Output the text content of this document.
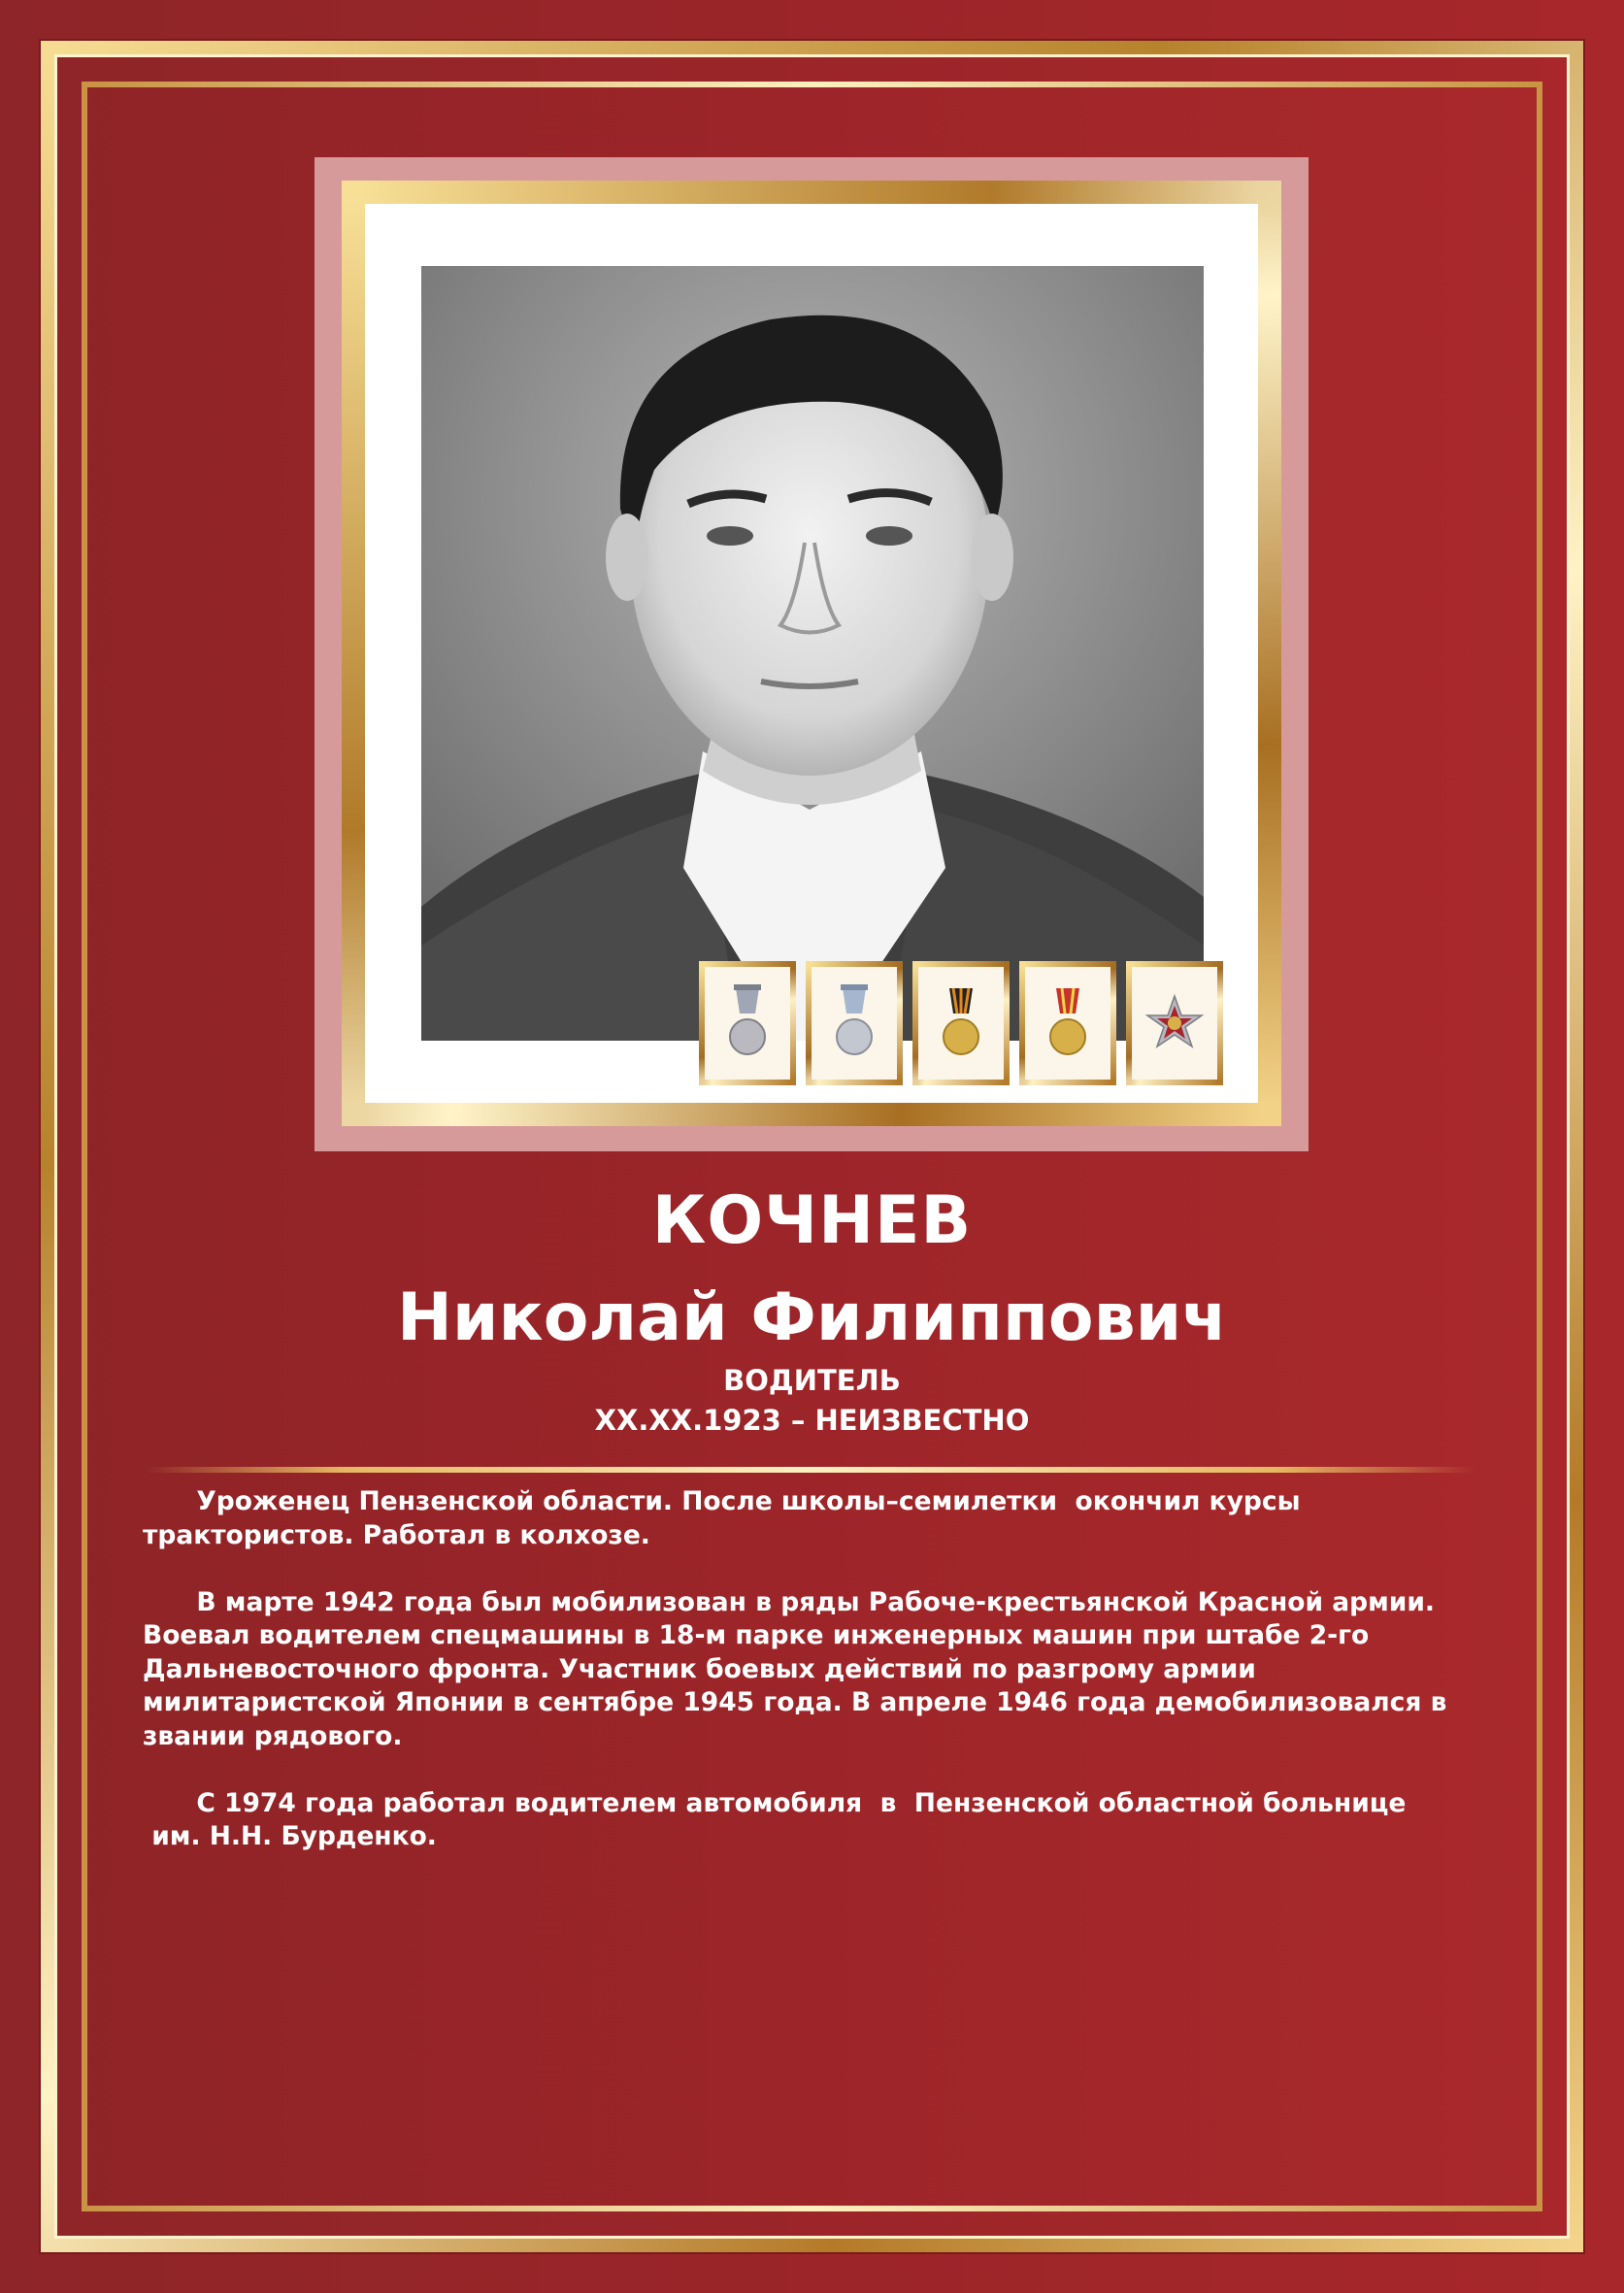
КОЧНЕВ
Николай Филиппович
ВОДИТЕЛЬ
XX.XX.1923 – НЕИЗВЕСТНО

Уроженец Пензенской области. После школы–семилетки  окончил курсы трактористов. Работал в колхозе.

В марте 1942 года был мобилизован в ряды Рабоче-крестьянской Красной армии. Воевал водителем спецмашины в 18-м парке инженерных машин при штабе 2-го Дальневосточного фронта. Участник боевых действий по разгрому армии милитаристской Японии в сентябре 1945 года. В апреле 1946 года демобилизовался в звании рядового.

С 1974 года работал водителем автомобиля  в  Пензенской областной больнице
им. Н.Н. Бурденко.
